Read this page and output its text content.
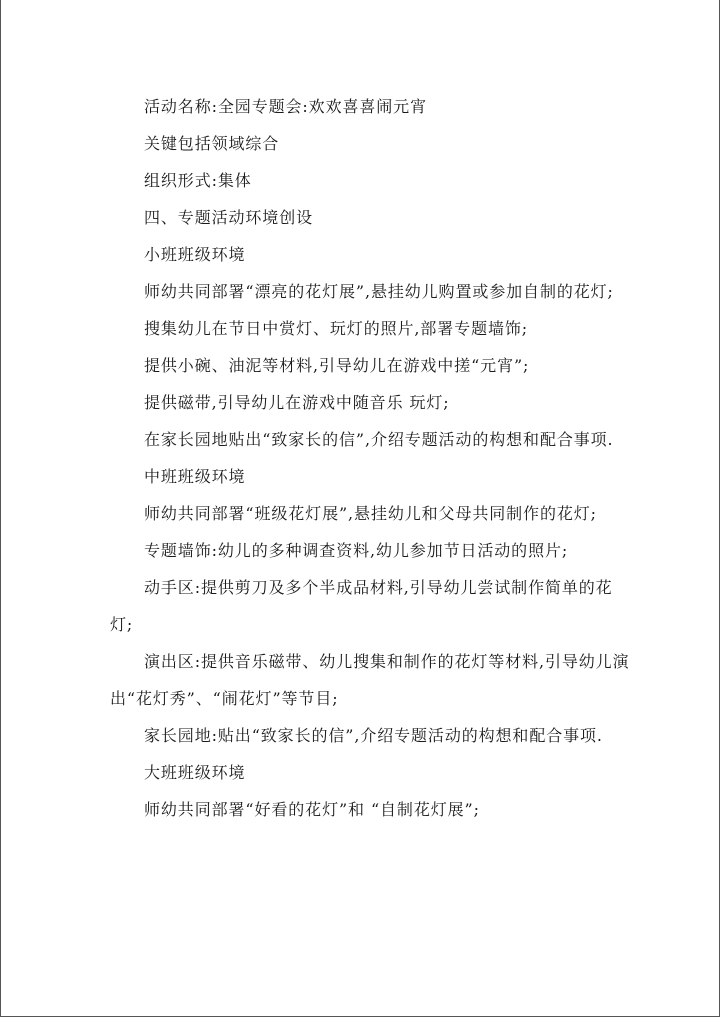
活动名称:全园专题会:欢欢喜喜闹元宵

关键包括领域综合

组织形式:集体

四、专题活动环境创设

小班班级环境

师幼共同部署“漂亮的花灯展”,悬挂幼儿购置或参加自制的花灯;

搜集幼儿在节日中赏灯、玩灯的照片,部署专题墙饰;

提供小碗、油泥等材料,引导幼儿在游戏中搓“元宵”;

提供磁带,引导幼儿在游戏中随音乐 玩灯;

在家长园地贴出“致家长的信”,介绍专题活动的构想和配合事项.

中班班级环境

师幼共同部署“班级花灯展”,悬挂幼儿和父母共同制作的花灯;

专题墙饰:幼儿的多种调查资料,幼儿参加节日活动的照片;

动手区:提供剪刀及多个半成品材料,引导幼儿尝试制作简单的花灯;

演出区:提供音乐磁带、幼儿搜集和制作的花灯等材料,引导幼儿演出“花灯秀”、“闹花灯”等节目;

家长园地:贴出“致家长的信”,介绍专题活动的构想和配合事项.

大班班级环境

师幼共同部署“好看的花灯”和 “自制花灯展”;
